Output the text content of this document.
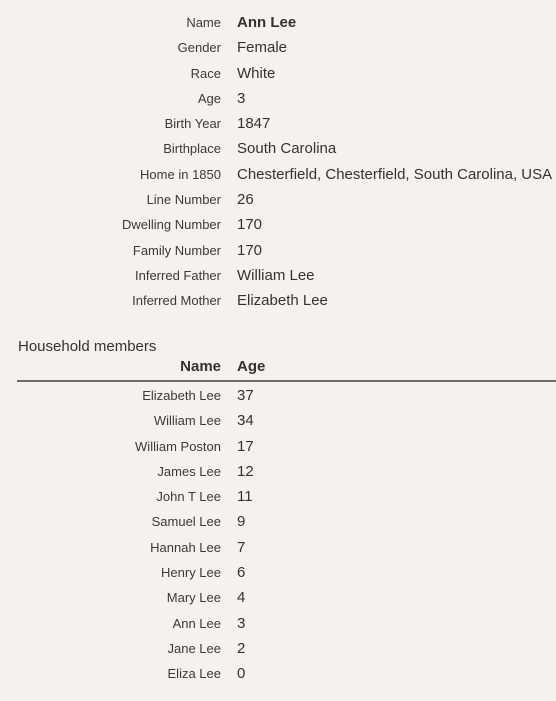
Name Ann Lee
Gender Female
Race White
Age 3
Birth Year 1847
Birthplace South Carolina
Home in 1850 Chesterfield, Chesterfield, South Carolina, USA
Line Number 26
Dwelling Number 170
Family Number 170
Inferred Father William Lee
Inferred Mother Elizabeth Lee
Household members
Name Age
Elizabeth Lee 37
William Lee 34
William Poston 17
James Lee 12
John T Lee 11
Samuel Lee 9
Hannah Lee 7
Henry Lee 6
Mary Lee 4
Ann Lee 3
Jane Lee 2
Eliza Lee 0
